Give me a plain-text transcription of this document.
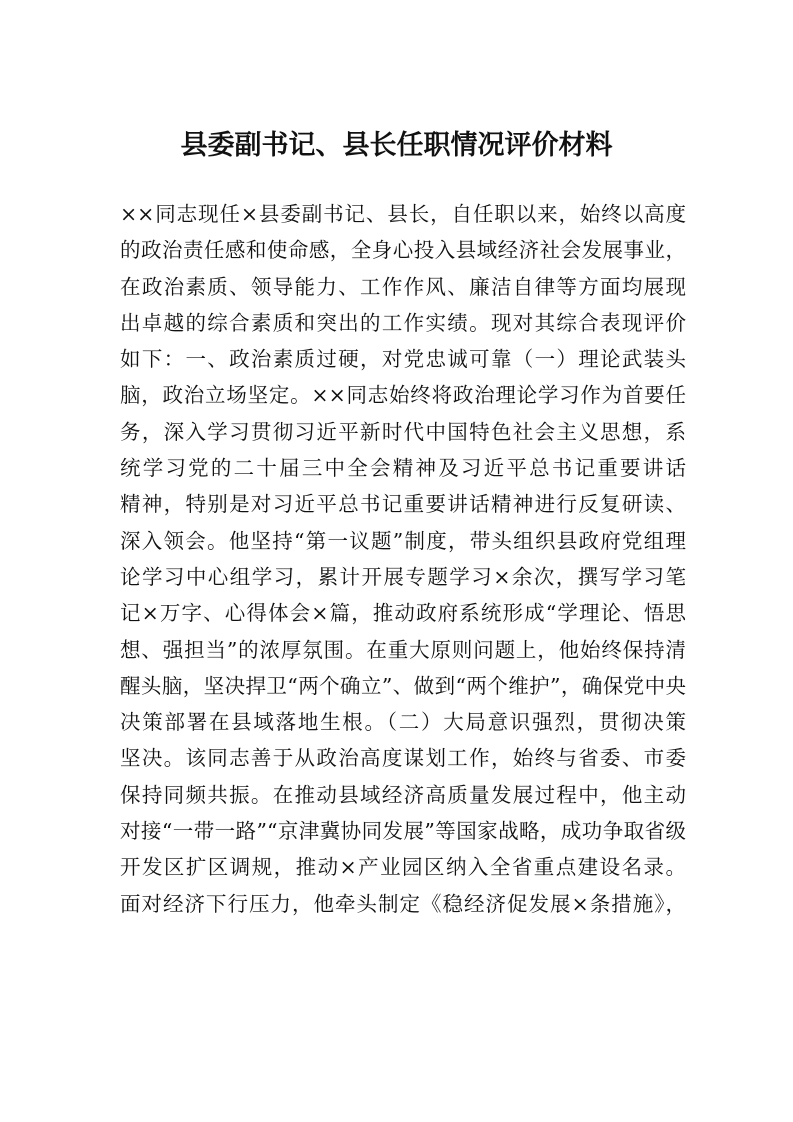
县委副书记、县长任职情况评价材料
××同志现任×县委副书记、县长，自任职以来，始终以高度
的政治责任感和使命感，全身心投入县域经济社会发展事业，
在政治素质、领导能力、工作作风、廉洁自律等方面均展现
出卓越的综合素质和突出的工作实绩。现对其综合表现评价
如下：一、政治素质过硬，对党忠诚可靠（一）理论武装头
脑，政治立场坚定。××同志始终将政治理论学习作为首要任
务，深入学习贯彻习近平新时代中国特色社会主义思想，系
统学习党的二十届三中全会精神及习近平总书记重要讲话
精神，特别是对习近平总书记重要讲话精神进行反复研读、
深入领会。他坚持“第一议题”制度，带头组织县政府党组理
论学习中心组学习，累计开展专题学习×余次，撰写学习笔
记×万字、心得体会×篇，推动政府系统形成“学理论、悟思
想、强担当”的浓厚氛围。在重大原则问题上，他始终保持清
醒头脑，坚决捍卫“两个确立”、做到“两个维护”，确保党中央
决策部署在县域落地生根。（二）大局意识强烈，贯彻决策
坚决。该同志善于从政治高度谋划工作，始终与省委、市委
保持同频共振。在推动县域经济高质量发展过程中，他主动
对接“一带一路”“京津冀协同发展”等国家战略，成功争取省级
开发区扩区调规，推动×产业园区纳入全省重点建设名录。
面对经济下行压力，他牵头制定《稳经济促发展×条措施》，
